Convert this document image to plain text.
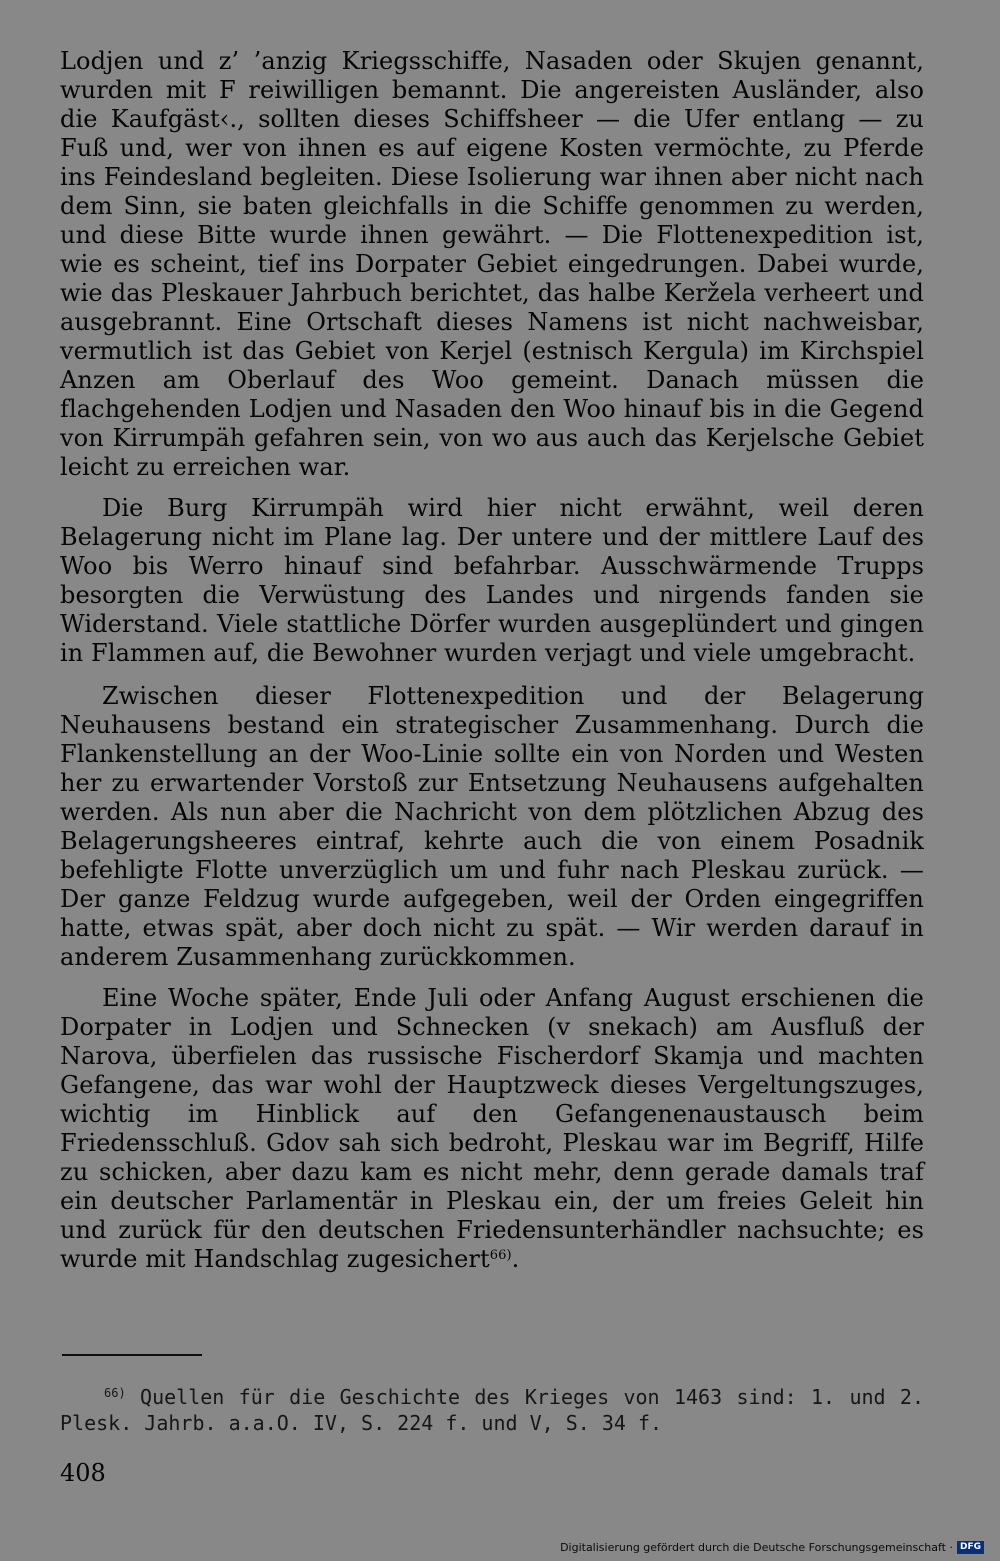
Lodjen und z’ ’anzig Kriegsschiffe, Nasaden oder Skujen genannt, wurden mit F reiwilligen bemannt. Die angereisten Ausländer, also die Kaufgäst‹., sollten dieses Schiffsheer — die Ufer entlang — zu Fuß und, wer von ihnen es auf eigene Kosten vermöchte, zu Pferde ins Feindesland begleiten. Diese Isolierung war ihnen aber nicht nach dem Sinn, sie baten gleichfalls in die Schiffe genommen zu werden, und diese Bitte wurde ihnen gewährt. — Die Flottenexpedition ist, wie es scheint, tief ins Dorpater Gebiet eingedrungen. Dabei wurde, wie das Pleskauer Jahrbuch berichtet, das halbe Keržela verheert und ausgebrannt. Eine Ortschaft dieses Namens ist nicht nachweisbar, vermutlich ist das Gebiet von Kerjel (estnisch Kergula) im Kirchspiel Anzen am Oberlauf des Woo gemeint. Danach müssen die flachgehenden Lodjen und Nasaden den Woo hinauf bis in die Gegend von Kirrumpäh gefahren sein, von wo aus auch das Kerjelsche Gebiet leicht zu erreichen war.

Die Burg Kirrumpäh wird hier nicht erwähnt, weil deren Belagerung nicht im Plane lag. Der untere und der mittlere Lauf des Woo bis Werro hinauf sind befahrbar. Ausschwärmende Trupps besorgten die Verwüstung des Landes und nirgends fanden sie Widerstand. Viele stattliche Dörfer wurden ausgeplündert und gingen in Flammen auf, die Bewohner wurden verjagt und viele umgebracht.

Zwischen dieser Flottenexpedition und der Belagerung Neuhausens bestand ein strategischer Zusammenhang. Durch die Flankenstellung an der Woo-Linie sollte ein von Norden und Westen her zu erwartender Vorstoß zur Entsetzung Neuhausens aufgehalten werden. Als nun aber die Nachricht von dem plötzlichen Abzug des Belagerungsheeres eintraf, kehrte auch die von einem Posadnik befehligte Flotte unverzüglich um und fuhr nach Pleskau zurück. — Der ganze Feldzug wurde aufgegeben, weil der Orden eingegriffen hatte, etwas spät, aber doch nicht zu spät. — Wir werden darauf in anderem Zusammenhang zurückkommen.

Eine Woche später, Ende Juli oder Anfang August erschienen die Dorpater in Lodjen und Schnecken (v snekach) am Ausfluß der Narova, überfielen das russische Fischerdorf Skamja und machten Gefangene, das war wohl der Hauptzweck dieses Vergeltungszuges, wichtig im Hinblick auf den Gefangenenaustausch beim Friedensschluß. Gdov sah sich bedroht, Pleskau war im Begriff, Hilfe zu schicken, aber dazu kam es nicht mehr, denn gerade damals traf ein deutscher Parlamentär in Pleskau ein, der um freies Geleit hin und zurück für den deutschen Friedensunterhändler nachsuchte; es wurde mit Handschlag zugesichert$^{66)}$.

$^{66)}$ Quellen für die Geschichte des Krieges von 1463 sind: 1. und 2. Plesk. Jahrb. a.a.O. IV, S. 224 f. und V, S. 34 f.

408
Digitalisierung gefördert durch die Deutsche Forschungsgemeinschaft · DFG
